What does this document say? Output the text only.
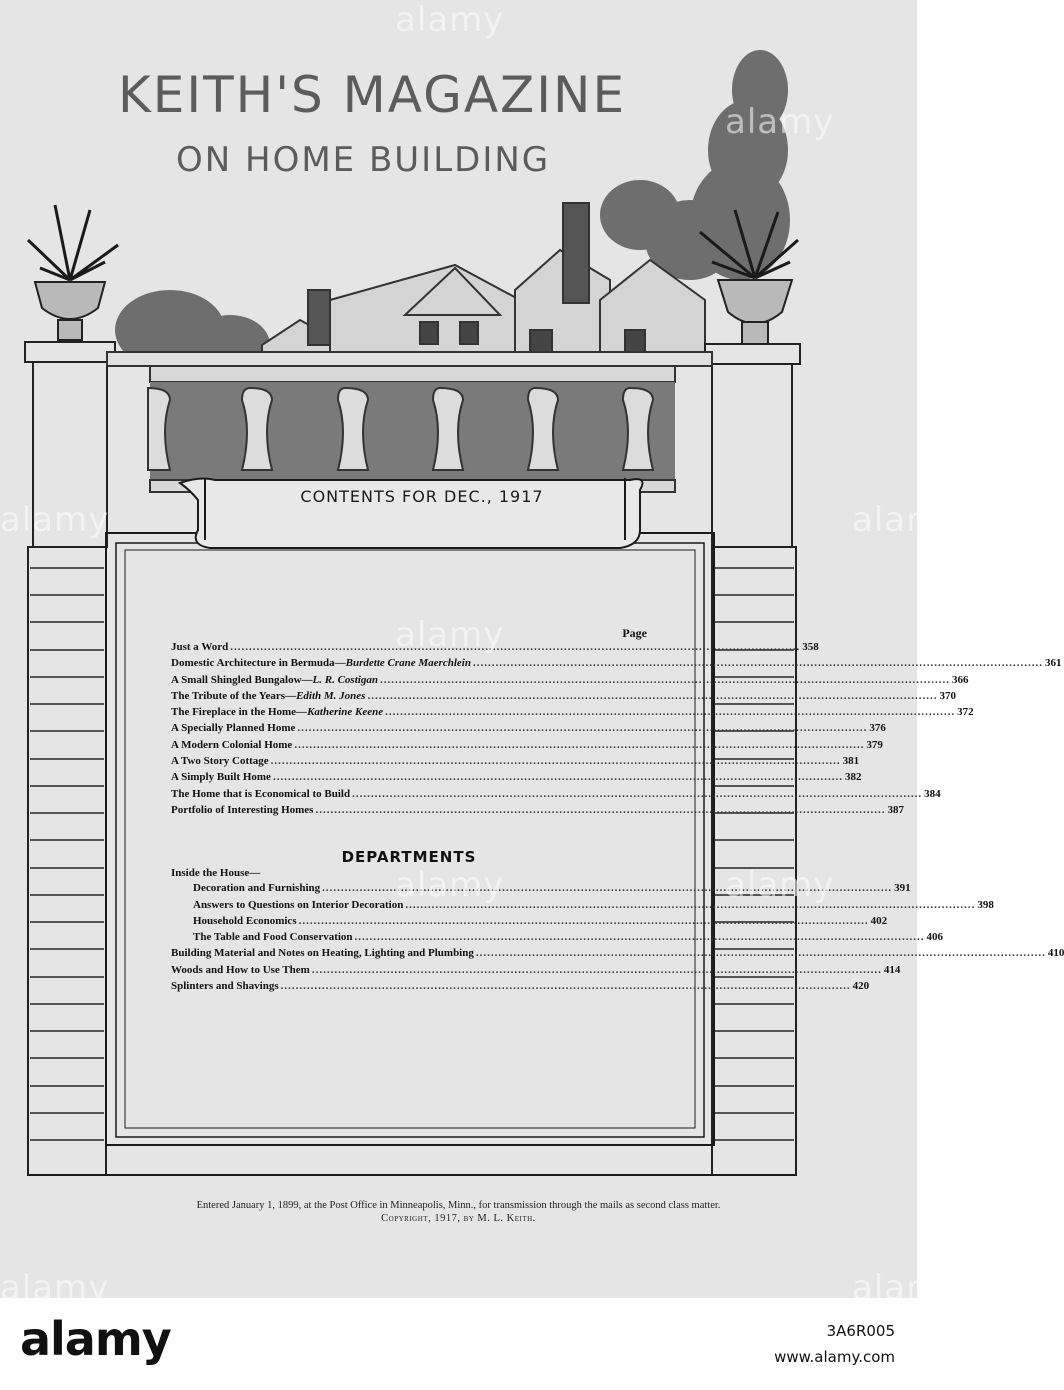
KEITH'S MAGAZINE
ON HOME BUILDING
CONTENTS FOR DEC., 1917
Page
Just a Word .....	358
Domestic Architecture in Bermuda— Burdette Crane Maerchlein .....	361
A Small Shingled Bungalow— L. R. Costigan .....	366
The Tribute of the Years— Edith M. Jones .....	370
The Fireplace in the Home— Katherine Keene .....	372
A Specially Planned Home .....	376
A Modern Colonial Home .....	379
A Two Story Cottage .....	381
A Simply Built Home .....	382
The Home that is Economical to Build .....	384
Portfolio of Interesting Homes .....	387
DEPARTMENTS
Inside the House—
Decoration and Furnishing .....	391
Answers to Questions on Interior Decoration .....	398
Household Economics .....	402
The Table and Food Conservation .....	406
Building Material and Notes on Heating, Lighting and Plumbing .....	410
Woods and How to Use Them .....	414
Splinters and Shavings .....	420
Entered January 1, 1899, at the Post Office in Minneapolis, Minn., for transmission through the mails as second class matter.
Copyright, 1917, by M. L. Keith.
alamy
alamy
alamy
alamy	alamy
alamy
alamy
alamy	alamy
alamy	3A6R005
www.alamy.com
